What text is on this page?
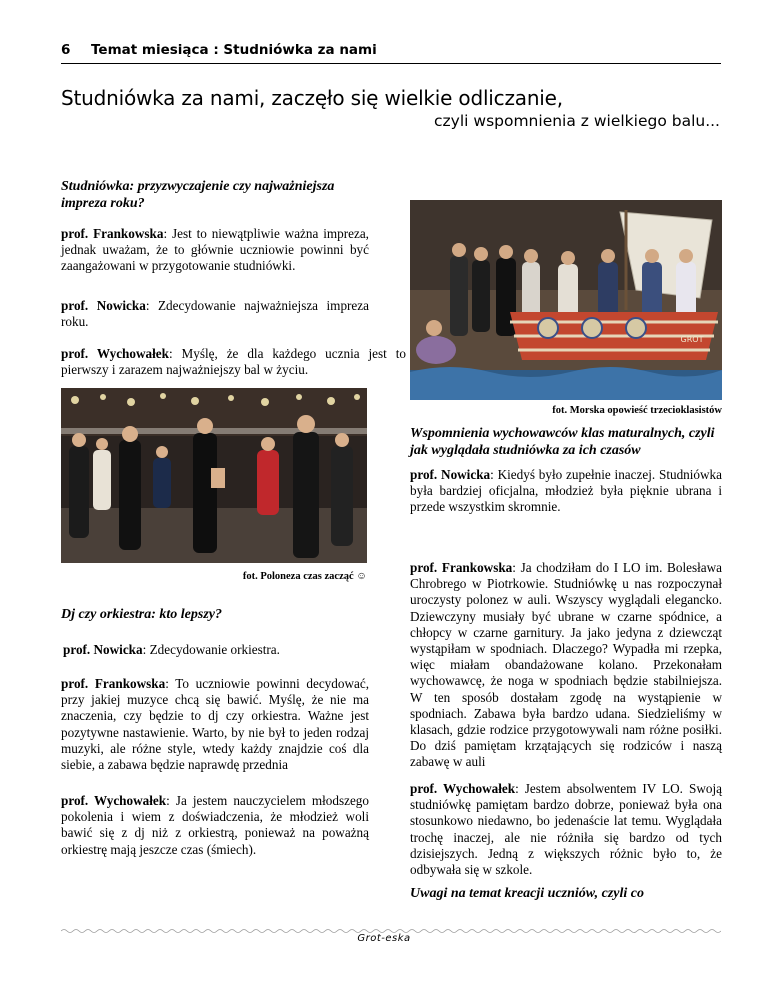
6 Temat miesiąca : Studniówka za nami
Studniówka za nami, zaczęło się wielkie odliczanie,
czyli wspomnienia z wielkiego balu...
Studniówka: przyzwyczajenie czy najważniejsza impreza roku?
prof. Frankowska: Jest to niewątpliwie ważna impreza, jednak uważam, że to głównie uczniowie powinni być zaangażowani w przygotowanie studniówki.
prof. Nowicka: Zdecydowanie najważniejsza impreza roku.
prof. Wychowałek: Myślę, że dla każdego ucznia jest to pierwszy i zarazem najważniejszy bal w życiu.
fot. Poloneza czas zacząć ☺
Dj czy orkiestra: kto lepszy?
prof. Nowicka: Zdecydowanie orkiestra.
prof. Frankowska: To uczniowie powinni decydować, przy jakiej muzyce chcą się bawić. Myślę, że nie ma znaczenia, czy będzie to dj czy orkiestra. Ważne jest pozytywne nastawienie. Warto, by nie był to jeden rodzaj muzyki, ale różne style, wtedy każdy znajdzie coś dla siebie, a zabawa będzie naprawdę przednia
prof. Wychowałek: Ja jestem nauczycielem młodszego pokolenia i wiem z doświadczenia, że młodzież woli bawić się z dj niż z orkiestrą, ponieważ na poważną orkiestrę mają jeszcze czas (śmiech).
GROT
fot. Morska opowieść trzecioklasistów
Wspomnienia wychowawców klas maturalnych, czyli jak wyglądała studniówka za ich czasów
prof. Nowicka: Kiedyś było zupełnie inaczej. Studniówka była bardziej oficjalna, młodzież była pięknie ubrana i przede wszystkim skromnie.
prof. Frankowska: Ja chodziłam do I LO im. Bolesława Chrobrego w Piotrkowie. Studniówkę u nas rozpoczynał uroczysty polonez w auli. Wszyscy wyglądali elegancko. Dziewczyny musiały być ubrane w czarne spódnice, a chłopcy w czarne garnitury. Ja jako jedyna z dziewcząt wystąpiłam w spodniach. Dlaczego? Wypadła mi rzepka, więc miałam obandażowane kolano. Przekonałam wychowawcę, że noga w spodniach będzie stabilniejsza. W ten sposób dostałam zgodę na wystąpienie w spodniach. Zabawa była bardzo udana. Siedzieliśmy w klasach, gdzie rodzice przygotowywali nam różne posiłki. Do dziś pamiętam krzątających się rodziców i naszą zabawę w auli
prof. Wychowałek: Jestem absolwentem IV LO. Swoją studniówkę pamiętam bardzo dobrze, ponieważ była ona stosunkowo niedawno, bo jedenaście lat temu. Wyglądała trochę inaczej, ale nie różniła się bardzo od tych dzisiejszych. Jedną z większych różnic było to, że odbywała się w szkole.
Uwagi na temat kreacji uczniów, czyli co
Grot-eska
